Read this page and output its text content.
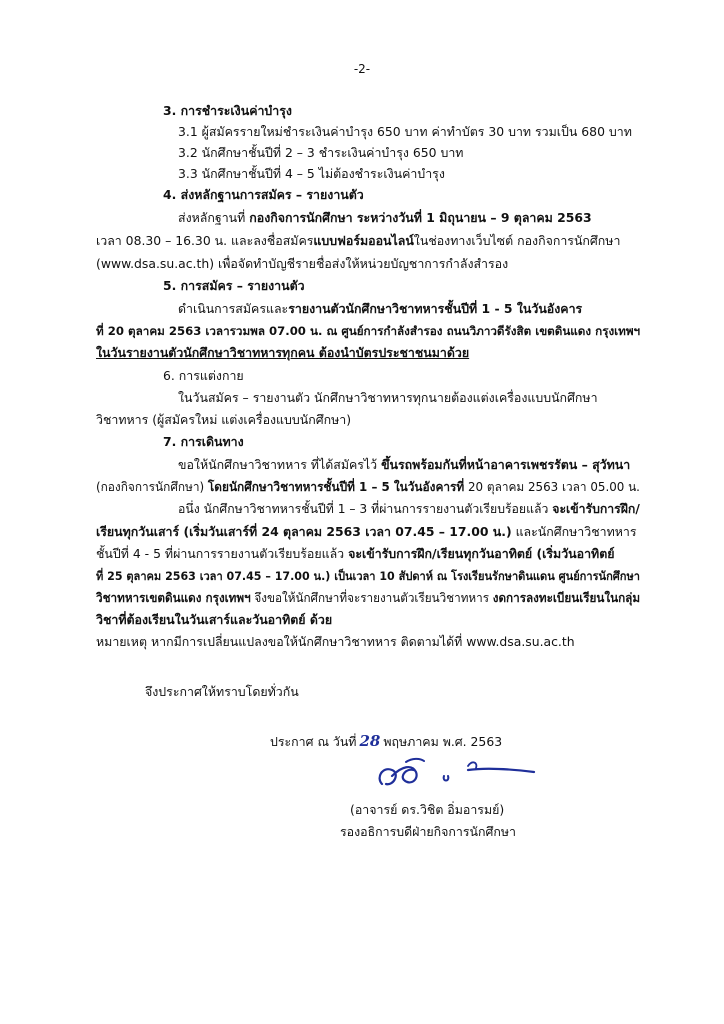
-2-
3. การชำระเงินค่าบำรุง
3.1 ผู้สมัครรายใหม่ชำระเงินค่าบำรุง 650 บาท ค่าทำบัตร 30 บาท รวมเป็น 680 บาท
3.2 นักศึกษาชั้นปีที่ 2 – 3 ชำระเงินค่าบำรุง 650 บาท
3.3 นักศึกษาชั้นปีที่ 4 – 5 ไม่ต้องชำระเงินค่าบำรุง
4. ส่งหลักฐานการสมัคร – รายงานตัว
ส่งหลักฐานที่ กองกิจการนักศึกษา ระหว่างวันที่ 1 มิถุนายน – 9 ตุลาคม 2563
เวลา 08.30 – 16.30 น. และลงชื่อสมัครแบบฟอร์มออนไลน์ในช่องทางเว็บไซต์ กองกิจการนักศึกษา
(www.dsa.su.ac.th) เพื่อจัดทำบัญชีรายชื่อส่งให้หน่วยบัญชาการกำลังสำรอง
5. การสมัคร – รายงานตัว
ดำเนินการสมัครและรายงานตัวนักศึกษาวิชาทหารชั้นปีที่ 1 - 5 ในวันอังคาร
ที่ 20 ตุลาคม 2563 เวลารวมพล 07.00 น. ณ ศูนย์การกำลังสำรอง ถนนวิภาวดีรังสิต เขตดินแดง กรุงเทพฯ
ในวันรายงานตัวนักศึกษาวิชาทหารทุกคน ต้องนำบัตรประชาชนมาด้วย
6. การแต่งกาย
ในวันสมัคร – รายงานตัว นักศึกษาวิชาทหารทุกนายต้องแต่งเครื่องแบบนักศึกษา
วิชาทหาร (ผู้สมัครใหม่ แต่งเครื่องแบบนักศึกษา)
7. การเดินทาง
ขอให้นักศึกษาวิชาทหาร ที่ได้สมัครไว้ ขึ้นรถพร้อมกันที่หน้าอาคารเพชรรัตน – สุวัทนา
(กองกิจการนักศึกษา) โดยนักศึกษาวิชาทหารชั้นปีที่ 1 – 5 ในวันอังคารที่ 20 ตุลาคม 2563 เวลา 05.00 น.
อนึ่ง นักศึกษาวิชาทหารชั้นปีที่ 1 – 3 ที่ผ่านการรายงานตัวเรียบร้อยแล้ว จะเข้ารับการฝึก/
เรียนทุกวันเสาร์ (เริ่มวันเสาร์ที่ 24 ตุลาคม 2563 เวลา 07.45 – 17.00 น.) และนักศึกษาวิชาทหาร
ชั้นปีที่ 4 - 5 ที่ผ่านการรายงานตัวเรียบร้อยแล้ว จะเข้ารับการฝึก/เรียนทุกวันอาทิตย์ (เริ่มวันอาทิตย์
ที่ 25 ตุลาคม 2563 เวลา 07.45 – 17.00 น.) เป็นเวลา 10 สัปดาห์ ณ โรงเรียนรักษาดินแดน ศูนย์การนักศึกษา
วิชาทหารเขตดินแดง กรุงเทพฯ จึงขอให้นักศึกษาที่จะรายงานตัวเรียนวิชาทหาร งดการลงทะเบียนเรียนในกลุ่ม
วิชาที่ต้องเรียนในวันเสาร์และวันอาทิตย์ ด้วย
หมายเหตุ หากมีการเปลี่ยนแปลงขอให้นักศึกษาวิชาทหาร ติดตามได้ที่ www.dsa.su.ac.th
จึงประกาศให้ทราบโดยทั่วกัน
ประกาศ ณ วันที่ 28 พฤษภาคม พ.ศ. 2563
(อาจารย์ ดร.วิชิต อิ่มอารมย์)
รองอธิการบดีฝ่ายกิจการนักศึกษา
